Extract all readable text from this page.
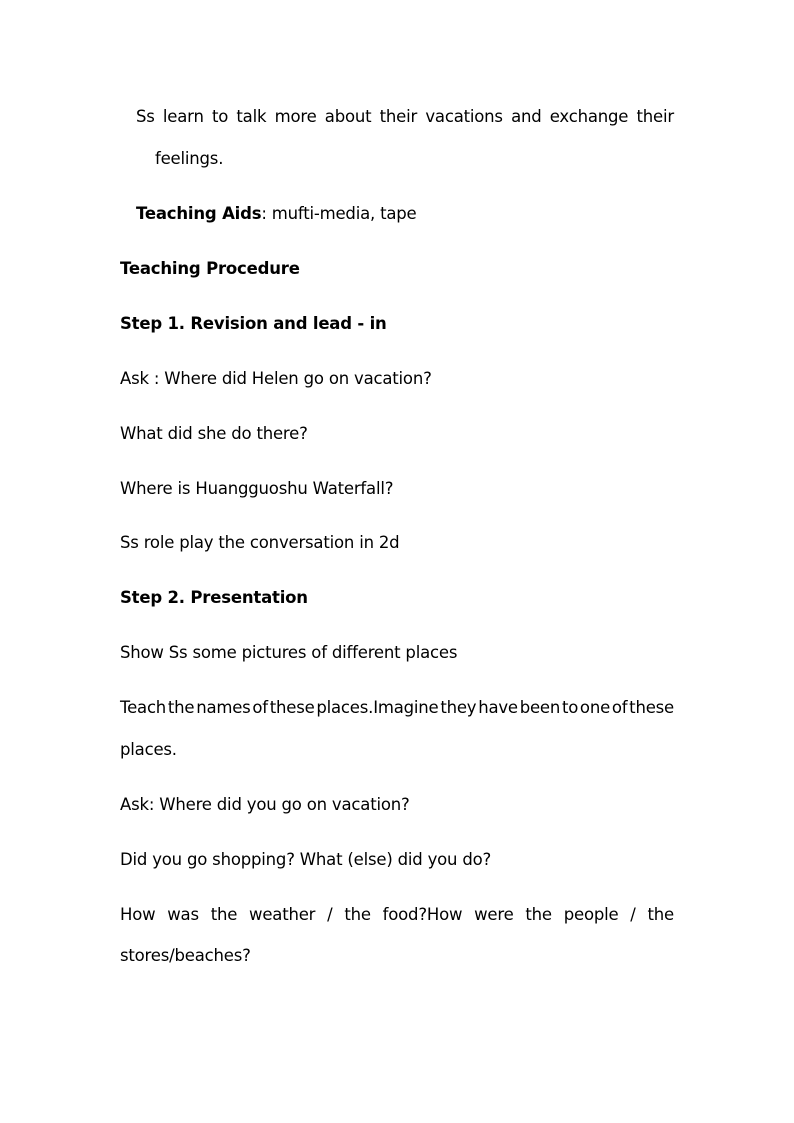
Ss learn to talk more about their vacations and exchange their
feelings.
Teaching Aids: mufti-media, tape
Teaching Procedure
Step 1. Revision and lead - in
Ask : Where did Helen go on vacation?
What did she do there?
Where is Huangguoshu Waterfall?
Ss role play the conversation in 2d
Step 2. Presentation
Show Ss some pictures of different places
Teach the names of these places.Imagine they have been to one of these
places.
Ask: Where did you go on vacation?
Did you go shopping? What (else) did you do?
How was the weather / the food?How were the people / the
stores/beaches?
